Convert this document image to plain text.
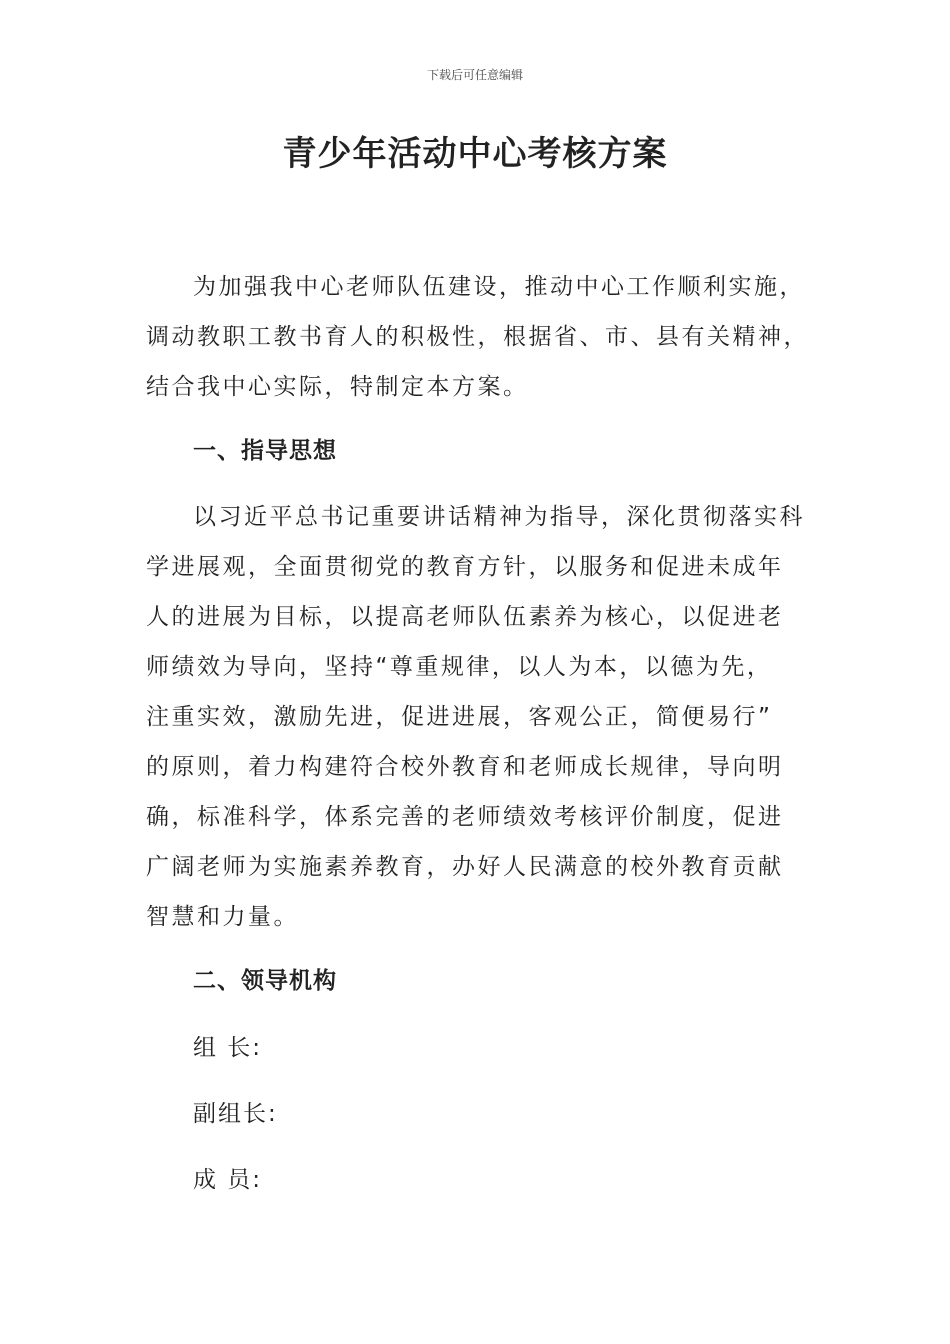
下载后可任意编辑
青少年活动中心考核方案
为加强我中心老师队伍建设，推动中心工作顺利实施，
调动教职工教书育人的积极性，根据省、市、县有关精神，
结合我中心实际，特制定本方案。
一、指导思想
以习近平总书记重要讲话精神为指导，深化贯彻落实科
学进展观，全面贯彻党的教育方针，以服务和促进未成年
人的进展为目标，以提高老师队伍素养为核心，以促进老
师绩效为导向，坚持“尊重规律，以人为本，以德为先，
注重实效，激励先进，促进进展，客观公正，简便易行”
的原则，着力构建符合校外教育和老师成长规律，导向明
确，标准科学，体系完善的老师绩效考核评价制度，促进
广阔老师为实施素养教育，办好人民满意的校外教育贡献
智慧和力量。
二、领导机构
组 长:
副组长:
成 员:
